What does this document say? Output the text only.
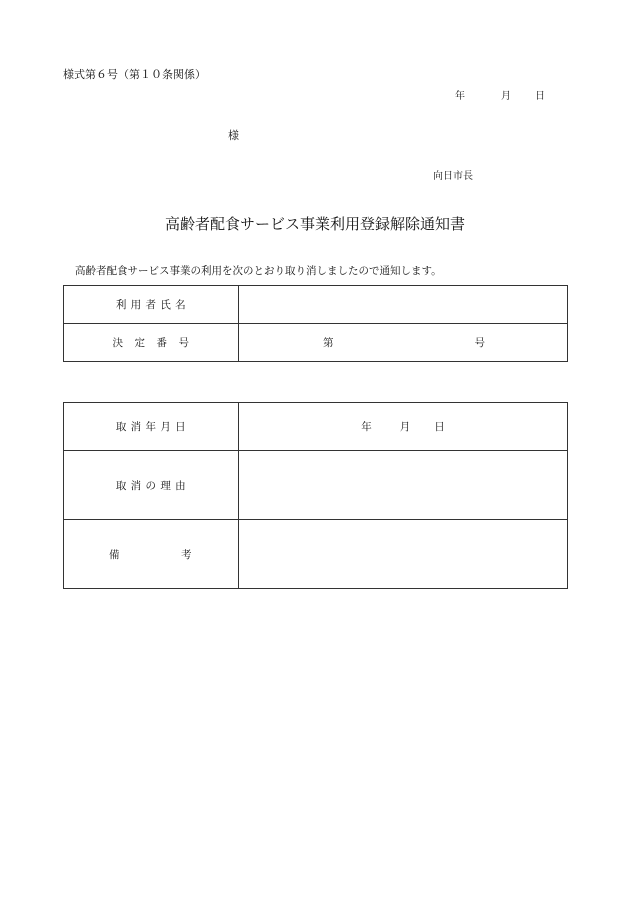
様式第６号（第１０条関係）
年	月 日
様
向日市長
高齢者配食サービス事業利用登録解除通知書
高齢者配食サービス事業の利用を次のとおり取り消しましたので通知します。
利 用 者 氏 名	
決　定　番　号	第 号
取 消 年 月 日	年 月 日
取 消 の 理 由	

備 考	
